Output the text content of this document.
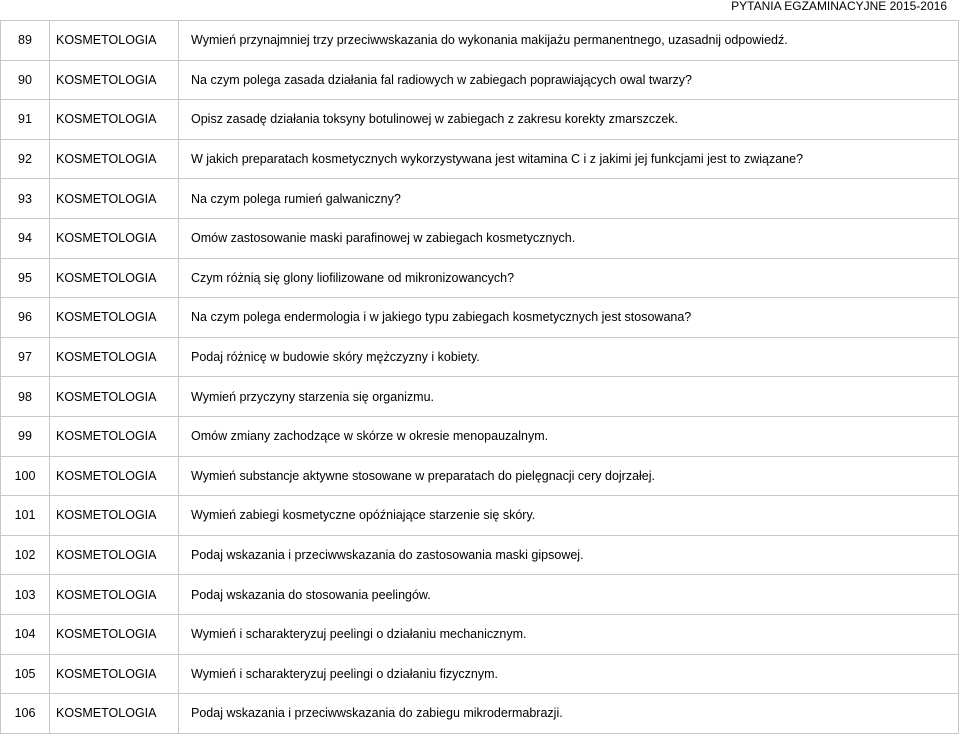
PYTANIA EGZAMINACYJNE 2015-2016
89	KOSMETOLOGIA	Wymień przynajmniej trzy przeciwwskazania do wykonania makijażu permanentnego, uzasadnij odpowiedź.
90	KOSMETOLOGIA	Na czym polega zasada działania fal radiowych w zabiegach poprawiających owal twarzy?
91	KOSMETOLOGIA	Opisz zasadę działania toksyny botulinowej w zabiegach z zakresu korekty zmarszczek.
92	KOSMETOLOGIA	W jakich preparatach kosmetycznych wykorzystywana jest witamina C i z jakimi jej funkcjami jest to związane?
93	KOSMETOLOGIA	Na czym polega rumień galwaniczny?
94	KOSMETOLOGIA	Omów zastosowanie maski parafinowej w zabiegach kosmetycznych.
95	KOSMETOLOGIA	Czym różnią się glony liofilizowane od mikronizowancych?
96	KOSMETOLOGIA	Na czym polega endermologia i w jakiego typu zabiegach kosmetycznych jest stosowana?
97	KOSMETOLOGIA	Podaj różnicę w budowie skóry mężczyzny i kobiety.
98	KOSMETOLOGIA	Wymień przyczyny starzenia się organizmu.
99	KOSMETOLOGIA	Omów zmiany zachodzące w skórze w okresie menopauzalnym.
100	KOSMETOLOGIA	Wymień substancje aktywne stosowane w preparatach do pielęgnacji cery dojrzałej.
101	KOSMETOLOGIA	Wymień zabiegi kosmetyczne opóźniające starzenie się skóry.
102	KOSMETOLOGIA	Podaj wskazania i przeciwwskazania do zastosowania maski gipsowej.
103	KOSMETOLOGIA	Podaj wskazania do stosowania peelingów.
104	KOSMETOLOGIA	Wymień i scharakteryzuj peelingi o działaniu mechanicznym.
105	KOSMETOLOGIA	Wymień i scharakteryzuj peelingi o działaniu fizycznym.
106	KOSMETOLOGIA	Podaj wskazania i przeciwwskazania do zabiegu mikrodermabrazji.
